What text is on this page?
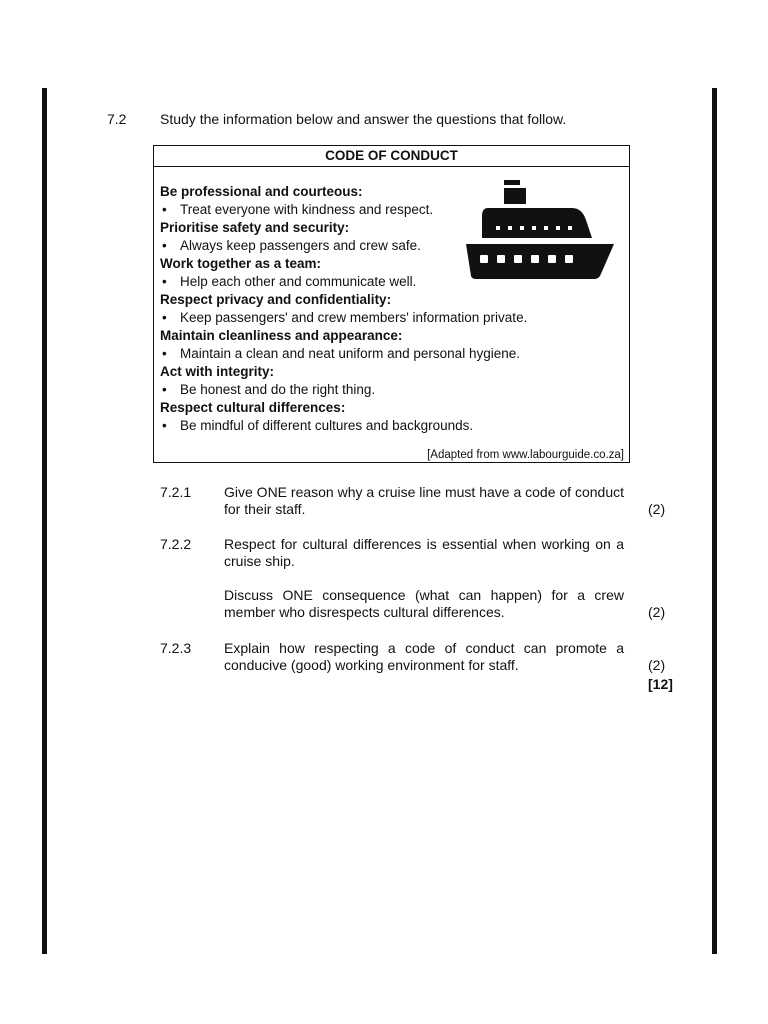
7.2 Study the information below and answer the questions that follow.
CODE OF CONDUCT
Be professional and courteous:
• Treat everyone with kindness and respect.
Prioritise safety and security:
• Always keep passengers and crew safe.
Work together as a team:
• Help each other and communicate well.
Respect privacy and confidentiality:
• Keep passengers' and crew members' information private.
Maintain cleanliness and appearance:
• Maintain a clean and neat uniform and personal hygiene.
Act with integrity:
• Be honest and do the right thing.
Respect cultural differences:
• Be mindful of different cultures and backgrounds.
[Adapted from www.labourguide.co.za]
7.2.1 Give ONE reason why a cruise line must have a code of conduct for their staff.	(2)
7.2.2 Respect for cultural differences is essential when working on a cruise ship.
Discuss ONE consequence (what can happen) for a crew member who disrespects cultural differences.	(2)
7.2.3 Explain how respecting a code of conduct can promote a conducive (good) working environment for staff.	(2)
[12]
